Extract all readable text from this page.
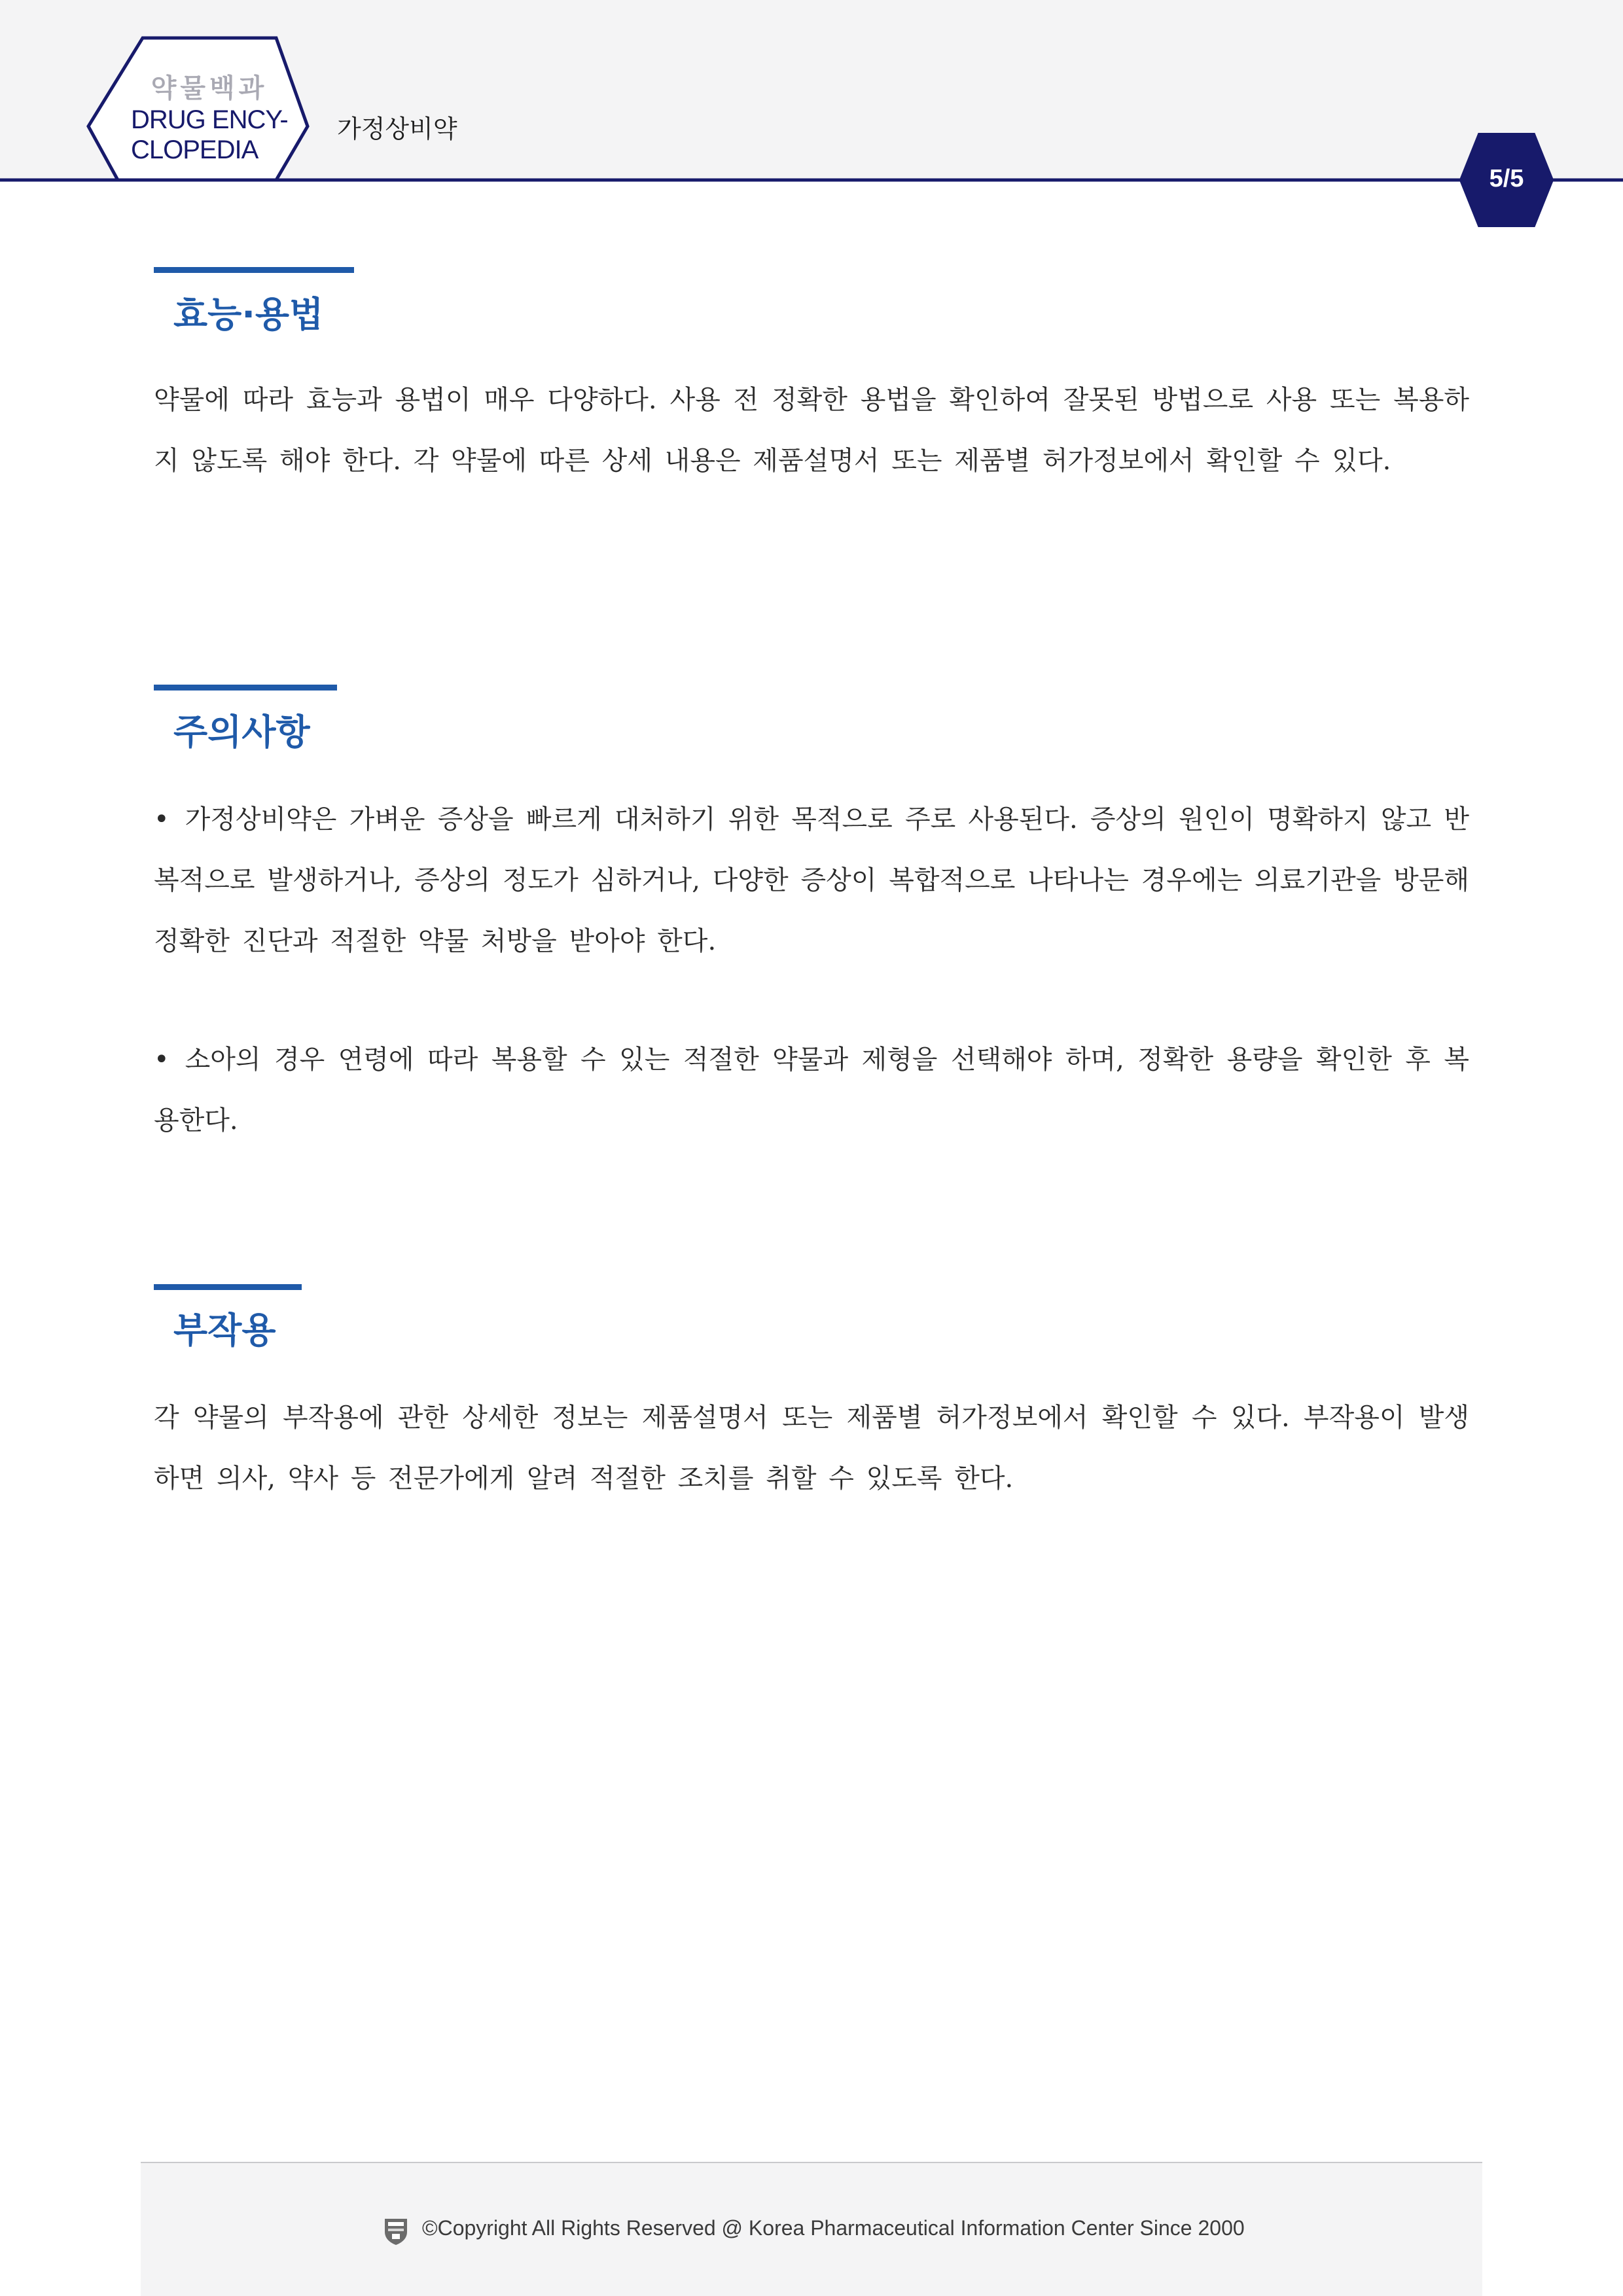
약물백과
DRUG ENCY-
CLOPEDIA
가정상비약
5/5
효능·용법
약물에 따라 효능과 용법이 매우 다양하다. 사용 전 정확한 용법을 확인하여 잘못된 방법으로 사용 또는 복용하지 않도록 해야 한다. 각 약물에 따른 상세 내용은 제품설명서 또는 제품별 허가정보에서 확인할 수 있다.
주의사항
• 가정상비약은 가벼운 증상을 빠르게 대처하기 위한 목적으로 주로 사용된다. 증상의 원인이 명확하지 않고 반복적으로 발생하거나, 증상의 정도가 심하거나, 다양한 증상이 복합적으로 나타나는 경우에는 의료기관을 방문해 정확한 진단과 적절한 약물 처방을 받아야 한다.
• 소아의 경우 연령에 따라 복용할 수 있는 적절한 약물과 제형을 선택해야 하며, 정확한 용량을 확인한 후 복용한다.
부작용
각 약물의 부작용에 관한 상세한 정보는 제품설명서 또는 제품별 허가정보에서 확인할 수 있다. 부작용이 발생하면 의사, 약사 등 전문가에게 알려 적절한 조치를 취할 수 있도록 한다.
©Copyright All Rights Reserved @ Korea Pharmaceutical Information Center Since 2000
